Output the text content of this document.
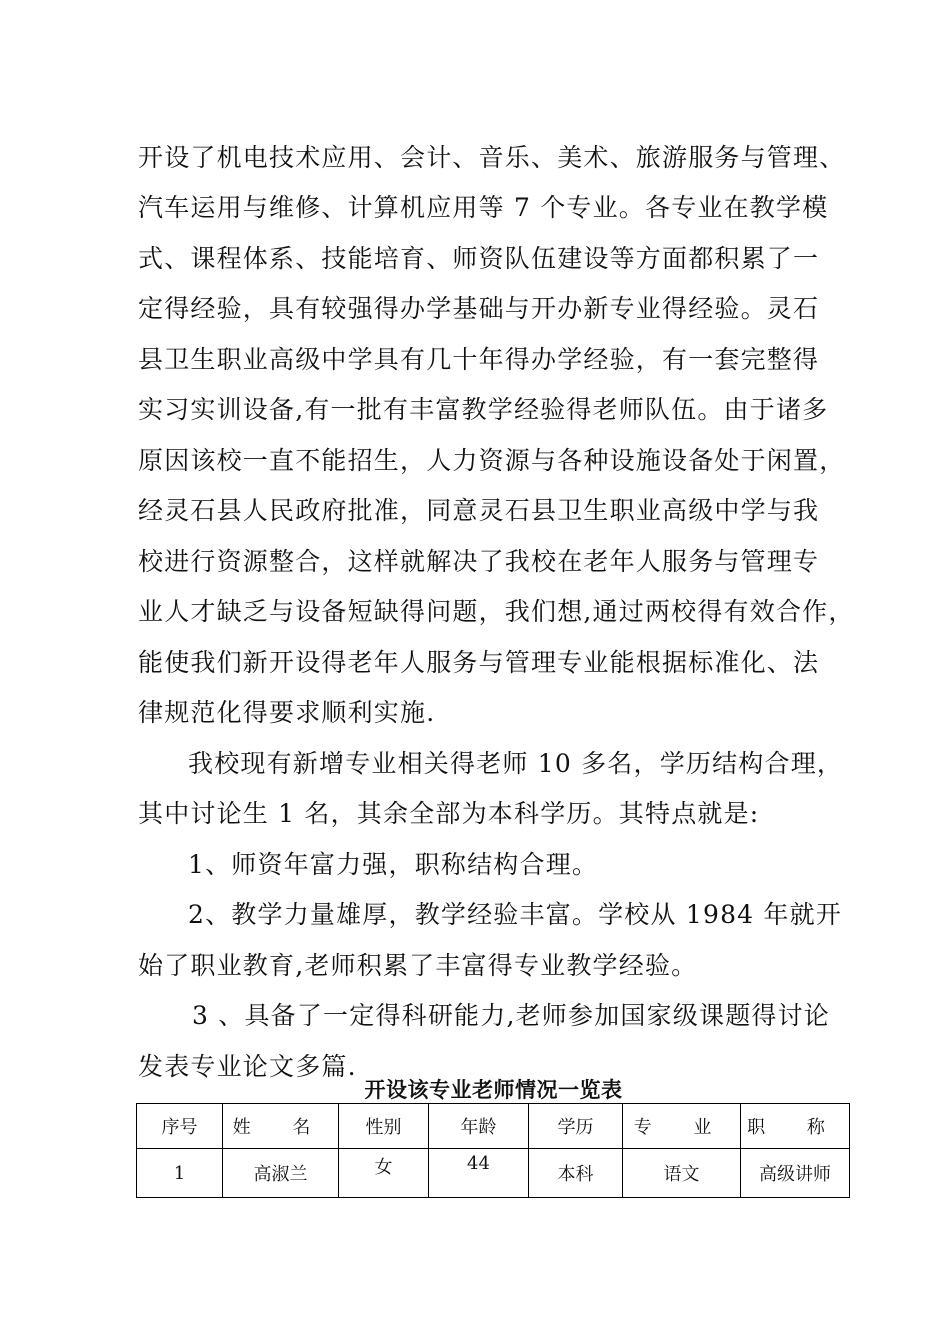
开设了机电技术应用、会计、音乐、美术、旅游服务与管理、
汽车运用与维修、计算机应用等 7 个专业。各专业在教学模
式、课程体系、技能培育、师资队伍建设等方面都积累了一
定得经验，具有较强得办学基础与开办新专业得经验。灵石
县卫生职业高级中学具有几十年得办学经验，有一套完整得
实习实训设备,有一批有丰富教学经验得老师队伍。由于诸多
原因该校一直不能招生，人力资源与各种设施设备处于闲置，
经灵石县人民政府批准，同意灵石县卫生职业高级中学与我
校进行资源整合，这样就解决了我校在老年人服务与管理专
业人才缺乏与设备短缺得问题，我们想,通过两校得有效合作，
能使我们新开设得老年人服务与管理专业能根据标准化、法
律规范化得要求顺利实施.
我校现有新增专业相关得老师 10 多名，学历结构合理，
其中讨论生 1 名，其余全部为本科学历。其特点就是:
1、师资年富力强，职称结构合理。
2、教学力量雄厚，教学经验丰富。学校从 1984 年就开
始了职业教育,老师积累了丰富得专业教学经验。
3 、具备了一定得科研能力,老师参加国家级课题得讨论
发表专业论文多篇.
开设该专业老师情况一览表
序号	姓 名	性别	年龄	学历	专 业	职 称
1	高淑兰	女	44	本科	语文	高级讲师
